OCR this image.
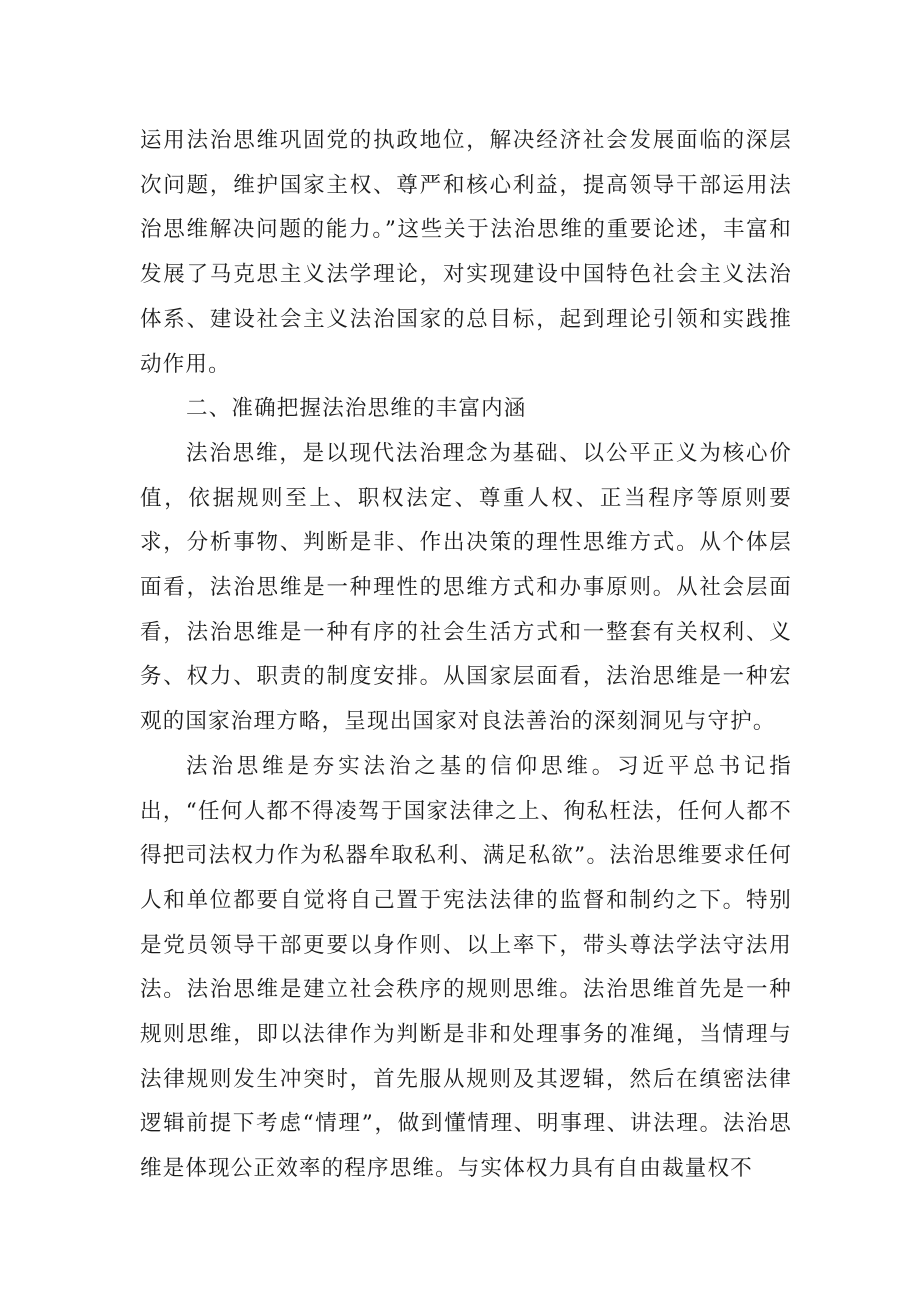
运用法治思维巩固党的执政地位，解决经济社会发展面临的深层次问题，维护国家主权、尊严和核心利益，提高领导干部运用法治思维解决问题的能力。”这些关于法治思维的重要论述，丰富和发展了马克思主义法学理论，对实现建设中国特色社会主义法治体系、建设社会主义法治国家的总目标，起到理论引领和实践推动作用。

二、准确把握法治思维的丰富内涵

法治思维，是以现代法治理念为基础、以公平正义为核心价值，依据规则至上、职权法定、尊重人权、正当程序等原则要求，分析事物、判断是非、作出决策的理性思维方式。从个体层面看，法治思维是一种理性的思维方式和办事原则。从社会层面看，法治思维是一种有序的社会生活方式和一整套有关权利、义务、权力、职责的制度安排。从国家层面看，法治思维是一种宏观的国家治理方略，呈现出国家对良法善治的深刻洞见与守护。

法治思维是夯实法治之基的信仰思维。习近平总书记指出，“任何人都不得凌驾于国家法律之上、徇私枉法，任何人都不得把司法权力作为私器牟取私利、满足私欲”。法治思维要求任何人和单位都要自觉将自己置于宪法法律的监督和制约之下。特别是党员领导干部更要以身作则、以上率下，带头尊法学法守法用法。法治思维是建立社会秩序的规则思维。法治思维首先是一种规则思维，即以法律作为判断是非和处理事务的准绳，当情理与法律规则发生冲突时，首先服从规则及其逻辑，然后在缜密法律逻辑前提下考虑“情理”，做到懂情理、明事理、讲法理。法治思维是体现公正效率的程序思维。与实体权力具有自由裁量权不
